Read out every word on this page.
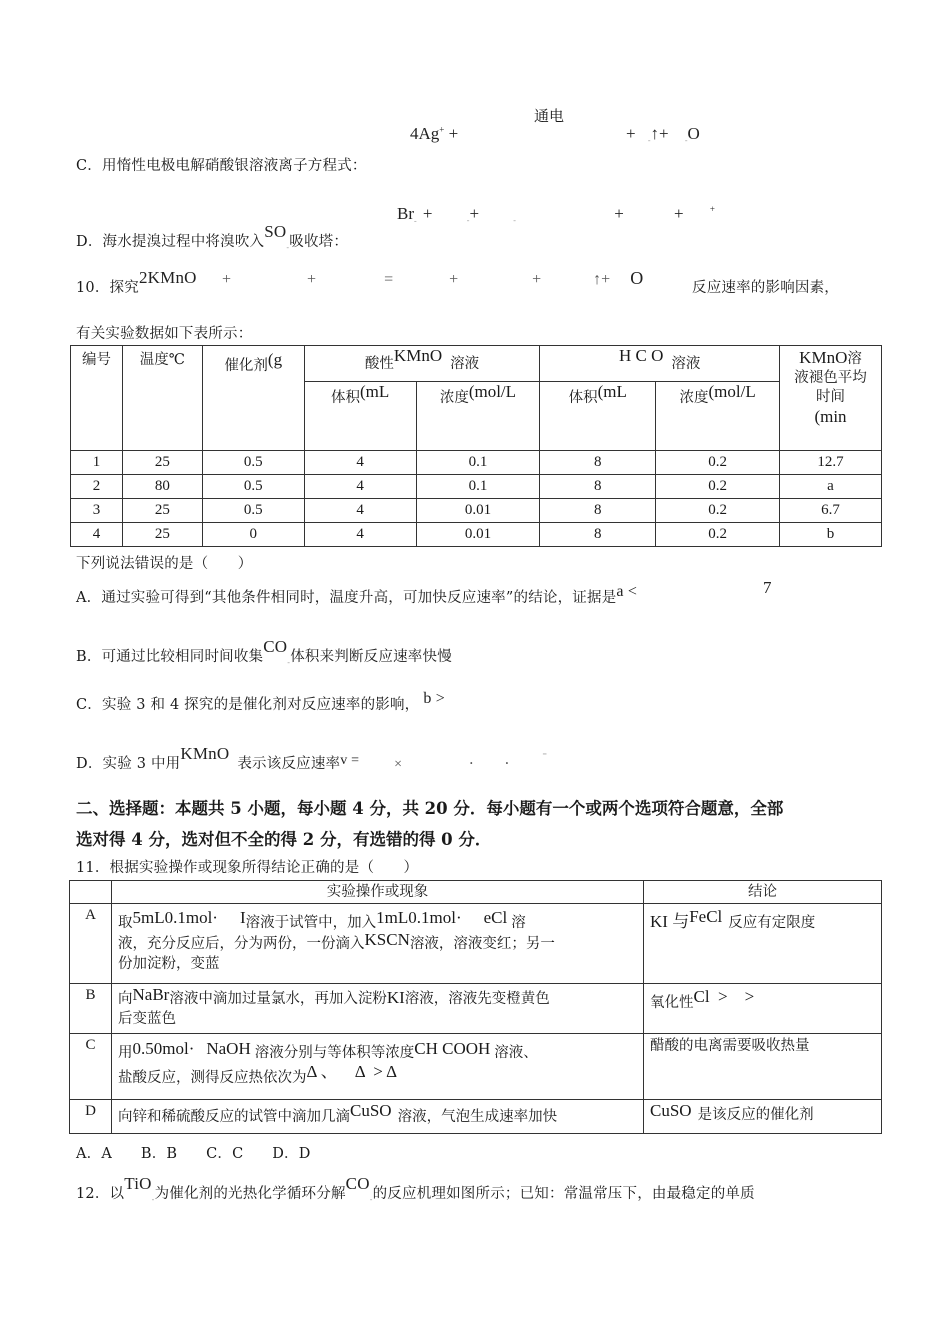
通电
4Ag+ +	+ $_-$↑+ $_-$O
C．用惰性电极电解硝酸银溶液离子方程式：
$Br_-$ +	$_-$+	$_-$	+	+	+
D．海水提溴过程中将溴吹入$SO_-$吸收塔：
10．探究2KMnO +	+	=	+	+	↑+ O	反应速率的影响因素，
有关实验数据如下表所示：
编号	温度℃	催化剂(g	酸性KMnO 溶液		H C O 溶液		KMnO溶
液褪色平均
时间
(min
			体积(mL	浓度(mol/L	体积(mL	浓度(mol/L	
1	25	0.5	4	0.1	8	0.2	12.7
2	80	0.5	4	0.1	8	0.2	a
3	25	0.5	4	0.01	8	0.2	6.7
4	25	0	4	0.01	8	0.2	b
下列说法错误的是（　　）
A．通过实验可得到“其他条件相同时，温度升高，可加快反应速率”的结论，证据是a <	7
B．可通过比较相同时间收集$CO_-$体积来判断反应速率快慢
C．实验 3 和 4 探究的是催化剂对反应速率的影响， b >
D．实验 3 中用KMnO表示该反应速率v = ×	· · -
二、选择题：本题共 5 小题，每小题 4 分，共 20 分．每小题有一个或两个选项符合题意，全部
选对得 4 分，选对但不全的得 2 分，有选错的得 0 分．
11．根据实验操作或现象所得结论正确的是（　　）
	实验操作或现象	结论
A	取5mL0.1mol· I溶液于试管中，加入1mL0.1mol· eCl 溶
液，充分反应后，分为两份，一份滴入KSCN溶液，溶液变红；另一
份加淀粉，变蓝	KI 与FeCl 反应有定限度
B	向NaBr溶液中滴加过量氯水，再加入淀粉KI溶液，溶液先变橙黄色
后变蓝色	氧化性Cl  >    >
C	用0.50mol· NaOH 溶液分别与等体积等浓度CH COOH 溶液、
盐酸反应，测得反应热依次为Δ 、    Δ  > Δ	醋酸的电离需要吸收热量
D	向锌和稀硫酸反应的试管中滴加几滴CuSO 溶液，气泡生成速率加快	CuSO 是该反应的催化剂
A．A B．B C．C D．D
12．以TiO$_-$为催化剂的光热化学循环分解$CO_-$的反应机理如图所示；已知：常温常压下，由最稳定的单质
